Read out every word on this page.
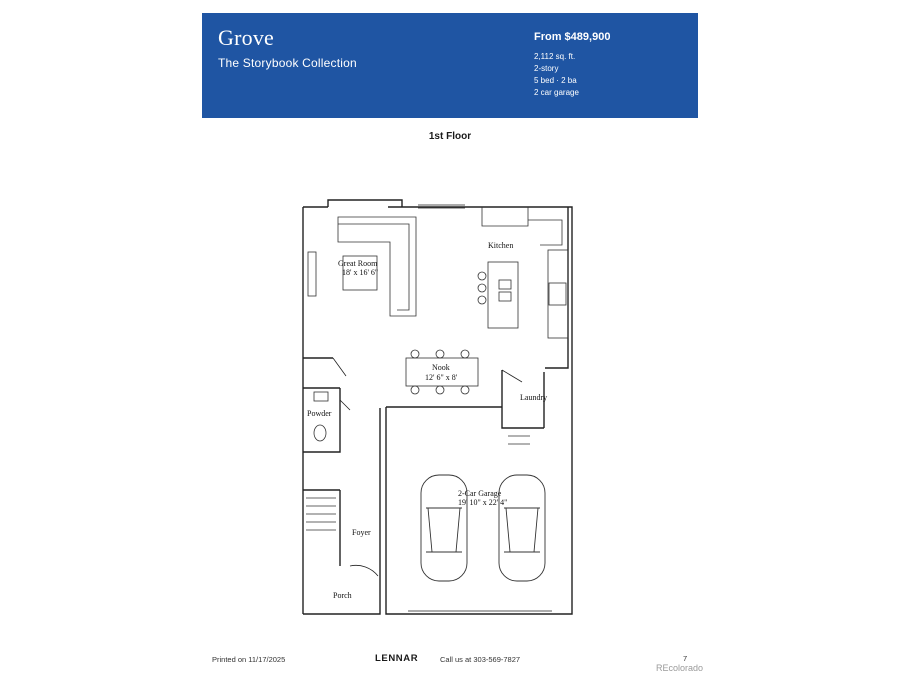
Grove
The Storybook Collection
From $489,900
2,112 sq. ft.
2-story
5 bed · 2 ba
2 car garage
1st Floor
Great Room
18' x 16' 6"
Kitchen
Nook
12' 6" x 8'
Laundry
Powder
2-Car Garage
19' 10" x 22' 4"
Foyer
Porch
Printed on 11/17/2025	LENNAR	Call us at 303-569-7827	7
REcolorado
